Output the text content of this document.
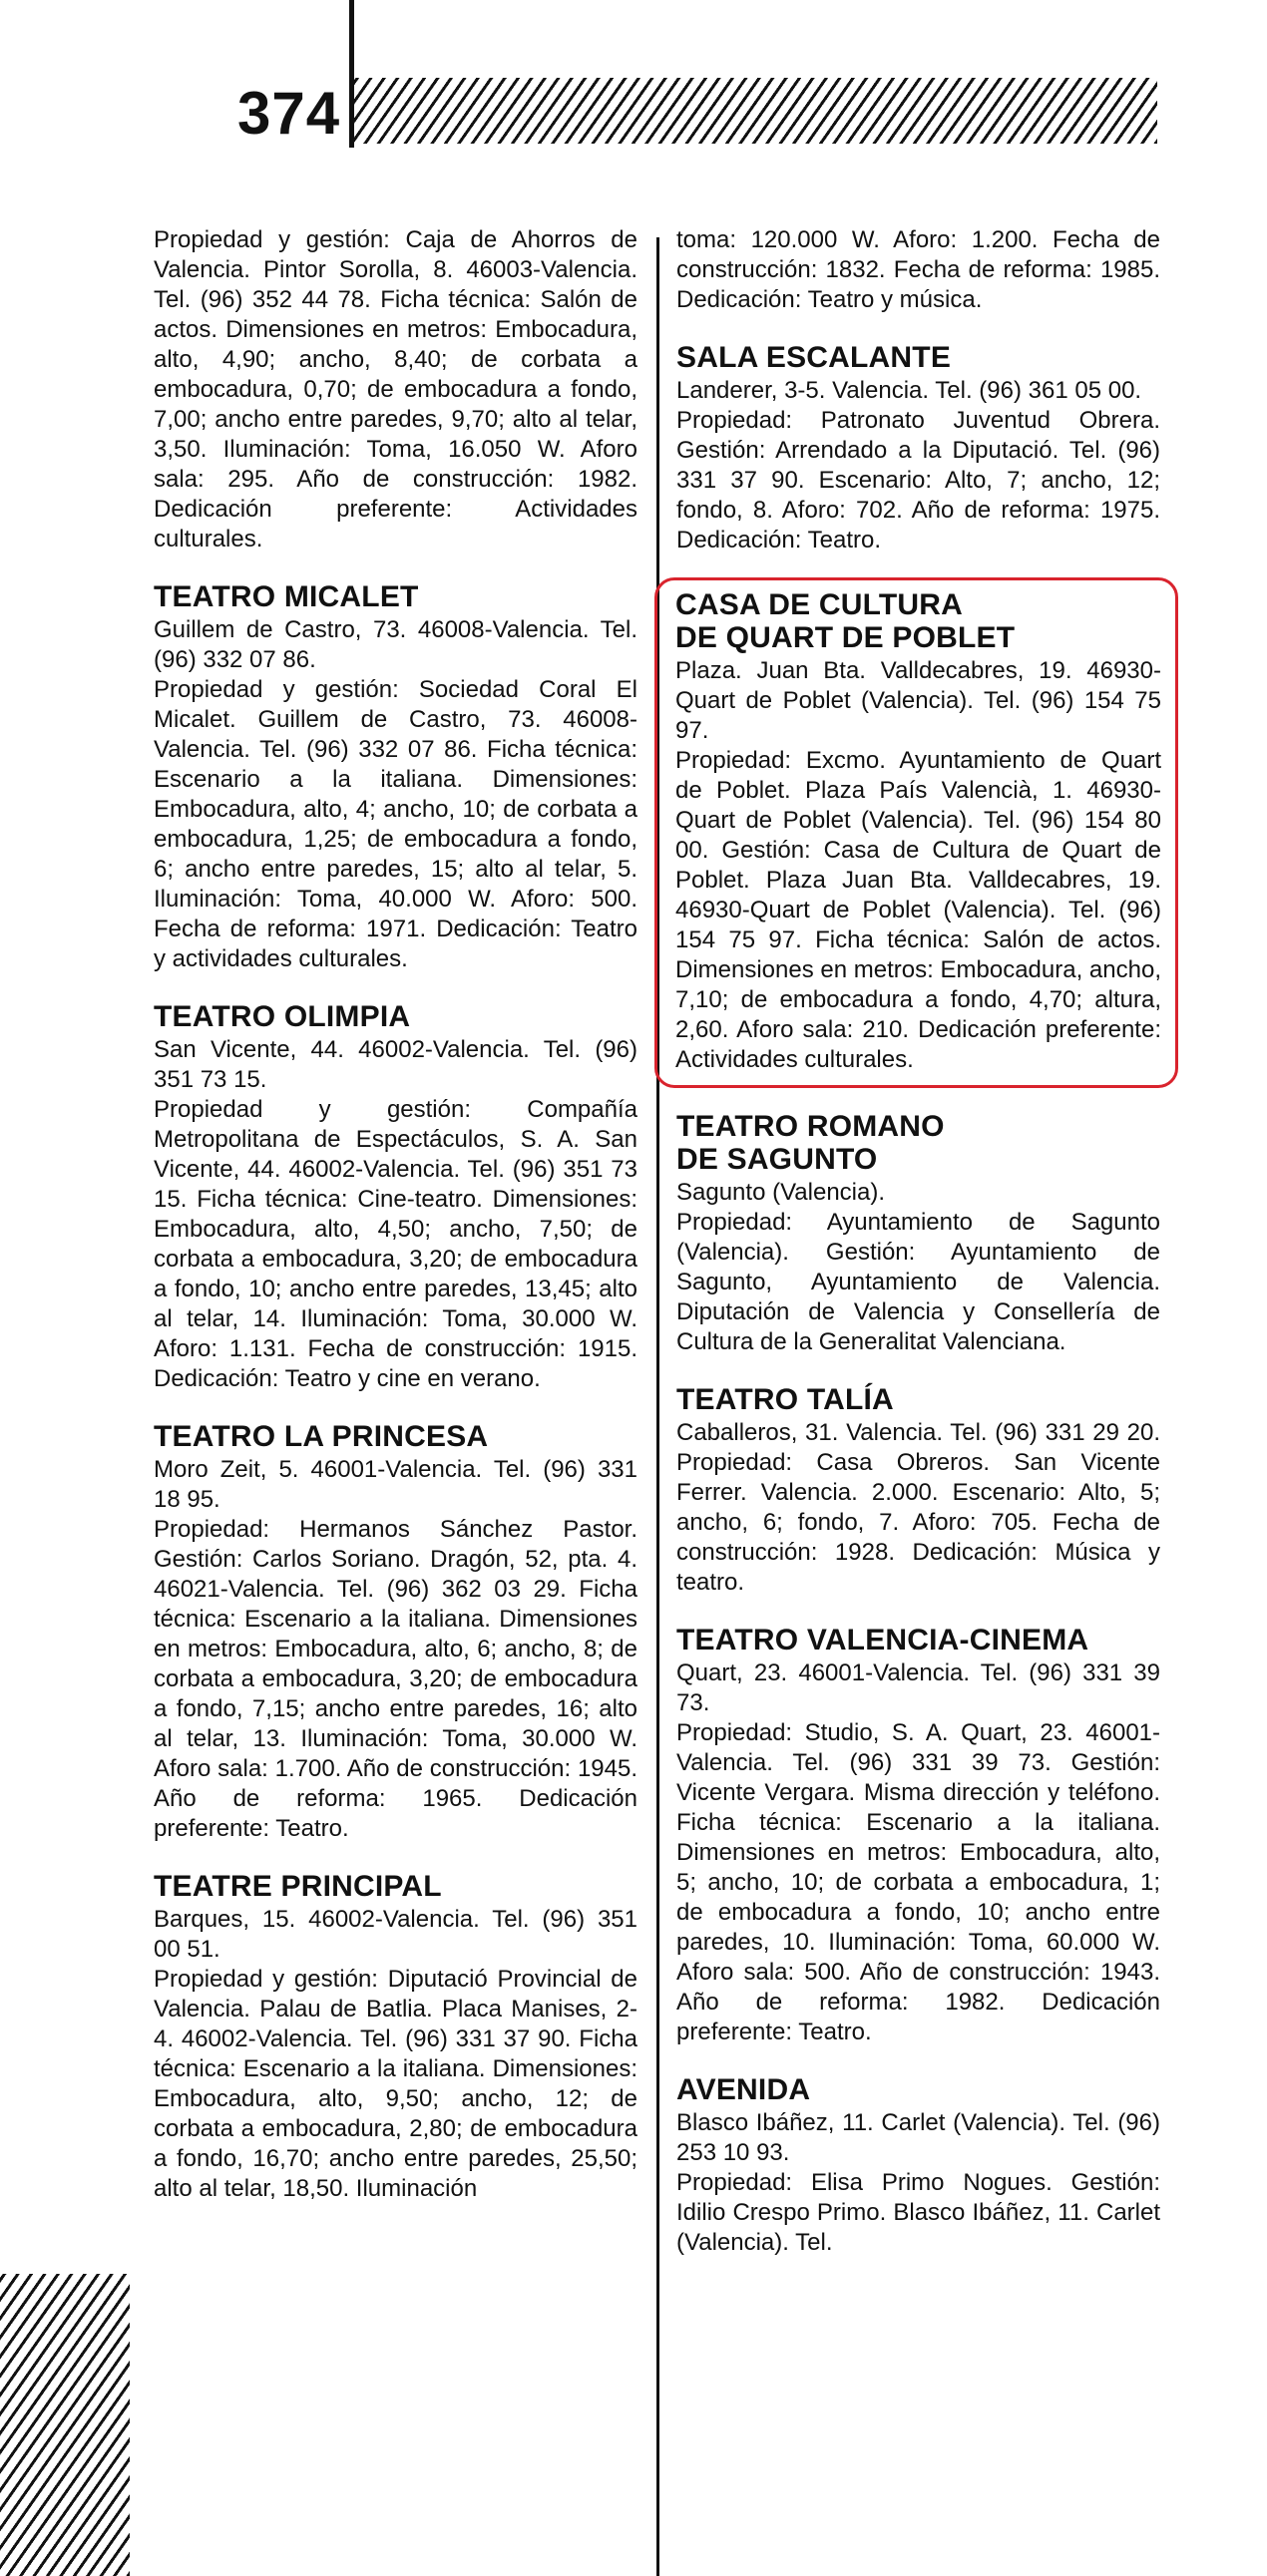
374

Propiedad y gestión: Caja de Ahorros de Valencia. Pintor Sorolla, 8. 46003-Valencia. Tel. (96) 352 44 78. Ficha técnica: Salón de actos. Dimensiones en metros: Embocadura, alto, 4,90; ancho, 8,40; de corbata a embocadura, 0,70; de embocadura a fondo, 7,00; ancho entre paredes, 9,70; alto al telar, 3,50. Iluminación: Toma, 16.050 W. Aforo sala: 295. Año de construcción: 1982. Dedicación preferente: Actividades culturales.

TEATRO MICALET

Guillem de Castro, 73. 46008-Valencia. Tel. (96) 332 07 86.

Propiedad y gestión: Sociedad Coral El Micalet. Guillem de Castro, 73. 46008-Valencia. Tel. (96) 332 07 86. Ficha técnica: Escenario a la italiana. Dimensiones: Embocadura, alto, 4; ancho, 10; de corbata a embocadura, 1,25; de embocadura a fondo, 6; ancho entre paredes, 15; alto al telar, 5. Iluminación: Toma, 40.000 W. Aforo: 500. Fecha de reforma: 1971. Dedicación: Teatro y actividades culturales.

TEATRO OLIMPIA

San Vicente, 44. 46002-Valencia. Tel. (96) 351 73 15.

Propiedad y gestión: Compañía Metropolitana de Espectáculos, S. A. San Vicente, 44. 46002-Valencia. Tel. (96) 351 73 15. Ficha técnica: Cine-teatro. Dimensiones: Embocadura, alto, 4,50; ancho, 7,50; de corbata a embocadura, 3,20; de embocadura a fondo, 10; ancho entre paredes, 13,45; alto al telar, 14. Iluminación: Toma, 30.000 W. Aforo: 1.131. Fecha de construcción: 1915. Dedicación: Teatro y cine en verano.

TEATRO LA PRINCESA

Moro Zeit, 5. 46001-Valencia. Tel. (96) 331 18 95.

Propiedad: Hermanos Sánchez Pastor. Gestión: Carlos Soriano. Dragón, 52, pta. 4. 46021-Valencia. Tel. (96) 362 03 29. Ficha técnica: Escenario a la italiana. Dimensiones en metros: Embocadura, alto, 6; ancho, 8; de corbata a embocadura, 3,20; de embocadura a fondo, 7,15; ancho entre paredes, 16; alto al telar, 13. Iluminación: Toma, 30.000 W. Aforo sala: 1.700. Año de construcción: 1945. Año de reforma: 1965. Dedicación preferente: Teatro.

TEATRE PRINCIPAL

Barques, 15. 46002-Valencia. Tel. (96) 351 00 51.

Propiedad y gestión: Diputació Provincial de Valencia. Palau de Batlia. Placa Manises, 2-4. 46002-Valencia. Tel. (96) 331 37 90. Ficha técnica: Escenario a la italiana. Dimensiones: Embocadura, alto, 9,50; ancho, 12; de corbata a embocadura, 2,80; de embocadura a fondo, 16,70; ancho entre paredes, 25,50; alto al telar, 18,50. Iluminación

toma: 120.000 W. Aforo: 1.200. Fecha de construcción: 1832. Fecha de reforma: 1985. Dedicación: Teatro y música.

SALA ESCALANTE

Landerer, 3-5. Valencia. Tel. (96) 361 05 00.

Propiedad: Patronato Juventud Obrera. Gestión: Arrendado a la Diputació. Tel. (96) 331 37 90. Escenario: Alto, 7; ancho, 12; fondo, 8. Aforo: 702. Año de reforma: 1975. Dedicación: Teatro.

CASA DE CULTURA
DE QUART DE POBLET

Plaza. Juan Bta. Valldecabres, 19. 46930-Quart de Poblet (Valencia). Tel. (96) 154 75 97.

Propiedad: Excmo. Ayuntamiento de Quart de Poblet. Plaza País Valencià, 1. 46930-Quart de Poblet (Valencia). Tel. (96) 154 80 00. Gestión: Casa de Cultura de Quart de Poblet. Plaza Juan Bta. Valldecabres, 19. 46930-Quart de Poblet (Valencia). Tel. (96) 154 75 97. Ficha técnica: Salón de actos. Dimensiones en metros: Embocadura, ancho, 7,10; de embocadura a fondo, 4,70; altura, 2,60. Aforo sala: 210. Dedicación preferente: Actividades culturales.

TEATRO ROMANO
DE SAGUNTO

Sagunto (Valencia).

Propiedad: Ayuntamiento de Sagunto (Valencia). Gestión: Ayuntamiento de Sagunto, Ayuntamiento de Valencia. Diputación de Valencia y Consellería de Cultura de la Generalitat Valenciana.

TEATRO TALÍA

Caballeros, 31. Valencia. Tel. (96) 331 29 20. Propiedad: Casa Obreros. San Vicente Ferrer. Valencia. 2.000. Escenario: Alto, 5; ancho, 6; fondo, 7. Aforo: 705. Fecha de construcción: 1928. Dedicación: Música y teatro.

TEATRO VALENCIA-CINEMA

Quart, 23. 46001-Valencia. Tel. (96) 331 39 73.

Propiedad: Studio, S. A. Quart, 23. 46001-Valencia. Tel. (96) 331 39 73. Gestión: Vicente Vergara. Misma dirección y teléfono. Ficha técnica: Escenario a la italiana. Dimensiones en metros: Embocadura, alto, 5; ancho, 10; de corbata a embocadura, 1; de embocadura a fondo, 10; ancho entre paredes, 10. Iluminación: Toma, 60.000 W. Aforo sala: 500. Año de construcción: 1943. Año de reforma: 1982. Dedicación preferente: Teatro.

AVENIDA

Blasco Ibáñez, 11. Carlet (Valencia). Tel. (96) 253 10 93.

Propiedad: Elisa Primo Nogues. Gestión: Idilio Crespo Primo. Blasco Ibáñez, 11. Carlet (Valencia). Tel.
